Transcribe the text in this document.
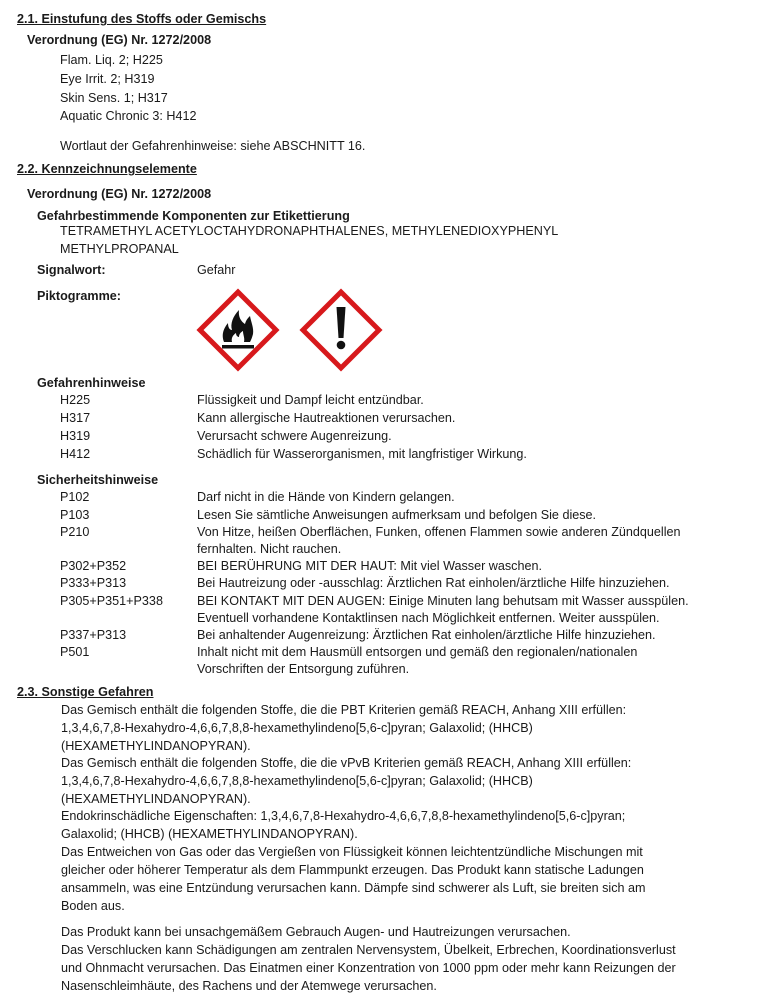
2.1. Einstufung des Stoffs oder Gemischs
Verordnung (EG) Nr. 1272/2008
Flam. Liq. 2; H225
Eye Irrit. 2; H319
Skin Sens. 1; H317
Aquatic Chronic 3: H412
Wortlaut der Gefahrenhinweise: siehe ABSCHNITT 16.
2.2. Kennzeichnungselemente
Verordnung (EG) Nr. 1272/2008
Gefahrbestimmende Komponenten zur Etikettierung
TETRAMETHYL ACETYLOCTAHYDRONAPHTHALENES, METHYLENEDIOXYPHENYL
METHYLPROPANAL
Signalwort:	Gefahr
Piktogramme:
Gefahrenhinweise
H225	Flüssigkeit und Dampf leicht entzündbar.
H317	Kann allergische Hautreaktionen verursachen.
H319	Verursacht schwere Augenreizung.
H412	Schädlich für Wasserorganismen, mit langfristiger Wirkung.
Sicherheitshinweise
P102	Darf nicht in die Hände von Kindern gelangen.
P103	Lesen Sie sämtliche Anweisungen aufmerksam und befolgen Sie diese.
P210	Von Hitze, heißen Oberflächen, Funken, offenen Flammen sowie anderen Zündquellen
fernhalten. Nicht rauchen.
P302+P352	BEI BERÜHRUNG MIT DER HAUT: Mit viel Wasser waschen.
P333+P313	Bei Hautreizung oder -ausschlag: Ärztlichen Rat einholen/ärztliche Hilfe hinzuziehen.
P305+P351+P338	BEI KONTAKT MIT DEN AUGEN: Einige Minuten lang behutsam mit Wasser ausspülen.
Eventuell vorhandene Kontaktlinsen nach Möglichkeit entfernen. Weiter ausspülen.
P337+P313	Bei anhaltender Augenreizung: Ärztlichen Rat einholen/ärztliche Hilfe hinzuziehen.
P501	Inhalt nicht mit dem Hausmüll entsorgen und gemäß den regionalen/nationalen
Vorschriften der Entsorgung zuführen.
2.3. Sonstige Gefahren
Das Gemisch enthält die folgenden Stoffe, die die PBT Kriterien gemäß REACH, Anhang XIII erfüllen:
1,3,4,6,7,8-Hexahydro-4,6,6,7,8,8-hexamethylindeno[5,6-c]pyran; Galaxolid; (HHCB)
(HEXAMETHYLINDANOPYRAN).
Das Gemisch enthält die folgenden Stoffe, die die vPvB Kriterien gemäß REACH, Anhang XIII erfüllen:
1,3,4,6,7,8-Hexahydro-4,6,6,7,8,8-hexamethylindeno[5,6-c]pyran; Galaxolid; (HHCB)
(HEXAMETHYLINDANOPYRAN).
Endokrinschädliche Eigenschaften: 1,3,4,6,7,8-Hexahydro-4,6,6,7,8,8-hexamethylindeno[5,6-c]pyran;
Galaxolid; (HHCB) (HEXAMETHYLINDANOPYRAN).
Das Entweichen von Gas oder das Vergießen von Flüssigkeit können leichtentzündliche Mischungen mit
gleicher oder höherer Temperatur als dem Flammpunkt erzeugen. Das Produkt kann statische Ladungen
ansammeln, was eine Entzündung verursachen kann. Dämpfe sind schwerer als Luft, sie breiten sich am
Boden aus.
Das Produkt kann bei unsachgemäßem Gebrauch Augen- und Hautreizungen verursachen.
Das Verschlucken kann Schädigungen am zentralen Nervensystem, Übelkeit, Erbrechen, Koordinationsverlust
und Ohnmacht verursachen. Das Einatmen einer Konzentration von 1000 ppm oder mehr kann Reizungen der
Nasenschleimhäute, des Rachens und der Atemwege verursachen.
